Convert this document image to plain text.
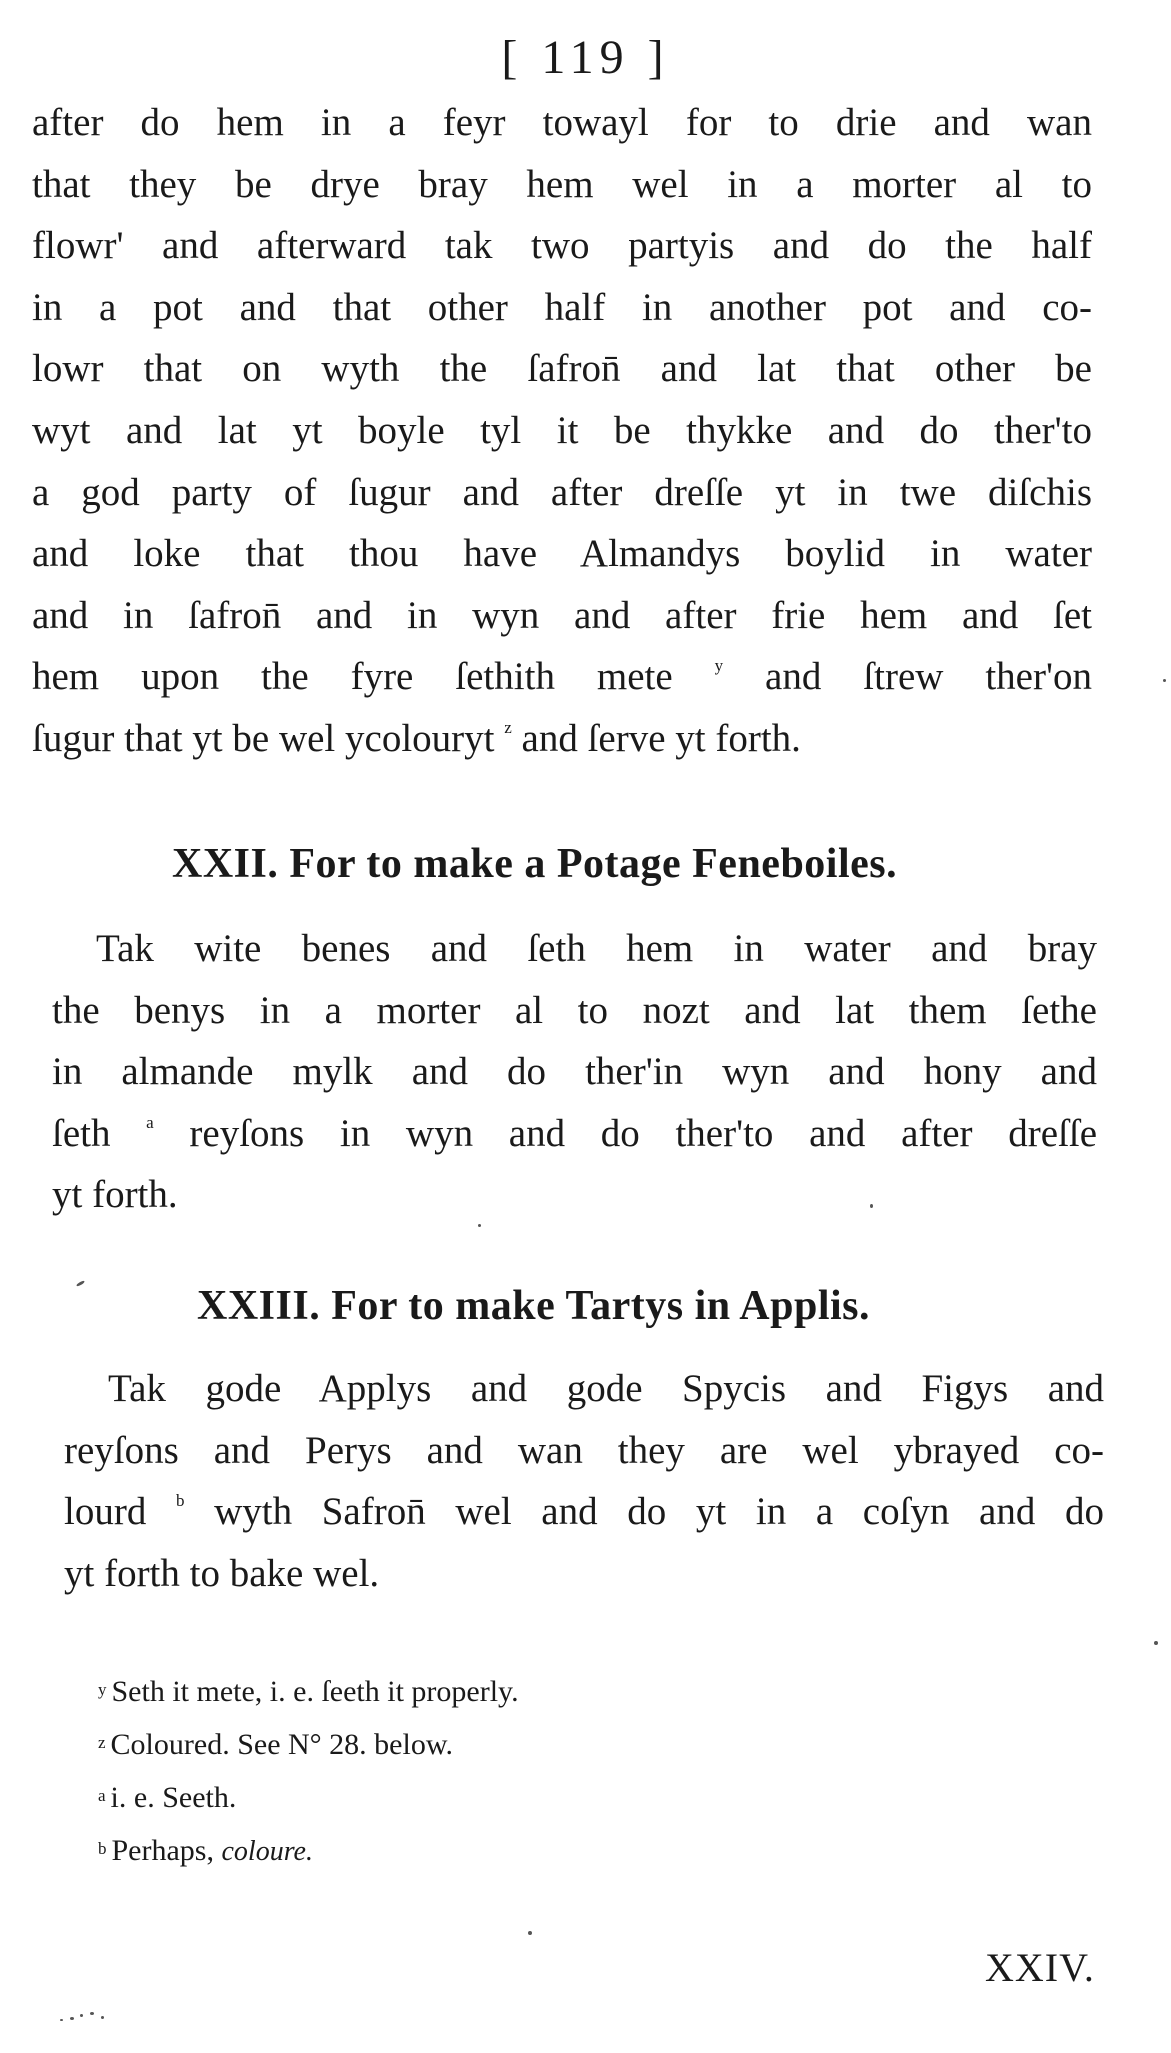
[ 119 ]
after do hem in a feyr towayl for to drie and wan
that they be drye bray hem wel in a morter al to
flowr' and afterward tak two partyis and do the half
in a pot and that other half in another pot and co-
lowr that on wyth the ſafron̄ and lat that other be
wyt and lat yt boyle tyl it be thykke and do ther'to
a god party of ſugur and after dreſſe yt in twe diſchis
and loke that thou have Almandys boylid in water
and in ſafron̄ and in wyn and after frie hem and ſet
hem upon the fyre ſethith mete $^y$ and ſtrew ther'on
ſugur that yt be wel ycolouryt $^z$ and ſerve yt forth.
XXII. For to make a Potage Feneboiles.
Tak wite benes and ſeth hem in water and bray
the benys in a morter al to nozt and lat them ſethe
in almande mylk and do ther'in wyn and hony and
ſeth $^a$ reyſons in wyn and do ther'to and after dreſſe
yt forth.
XXIII. For to make Tartys in Applis.
Tak gode Applys and gode Spycis and Figys and
reyſons and Perys and wan they are wel ybrayed co-
lourd $^b$ wyth Safron̄ wel and do yt in a coſyn and do
yt forth to bake wel.
$^y$ Seth it mete, i. e. ſeeth it properly.
$^z$ Coloured. See N° 28. below.
$^a$ i. e. Seeth.
$^b$ Perhaps, coloure.
XXIV.
